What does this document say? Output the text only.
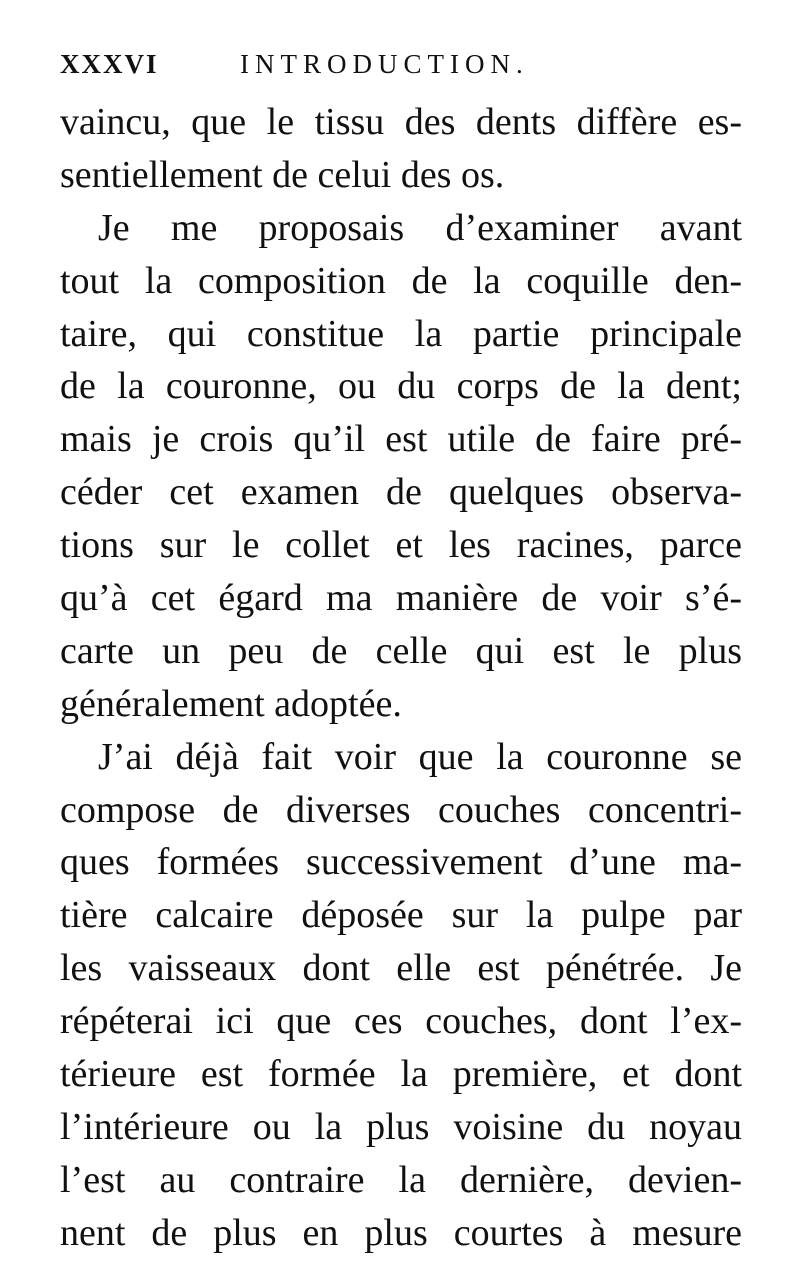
XXXVI	INTRODUCTION.
vaincu, que le tissu des dents diffère es-
sentiellement de celui des os.
Je me proposais d’examiner avant
tout la composition de la coquille den-
taire, qui constitue la partie principale
de la couronne, ou du corps de la dent;
mais je crois qu’il est utile de faire pré-
céder cet examen de quelques observa-
tions sur le collet et les racines, parce
qu’à cet égard ma manière de voir s’é-
carte un peu de celle qui est le plus
généralement adoptée.
J’ai déjà fait voir que la couronne se
compose de diverses couches concentri-
ques formées successivement d’une ma-
tière calcaire déposée sur la pulpe par
les vaisseaux dont elle est pénétrée. Je
répéterai ici que ces couches, dont l’ex-
térieure est formée la première, et dont
l’intérieure ou la plus voisine du noyau
l’est au contraire la dernière, devien-
nent de plus en plus courtes à mesure
